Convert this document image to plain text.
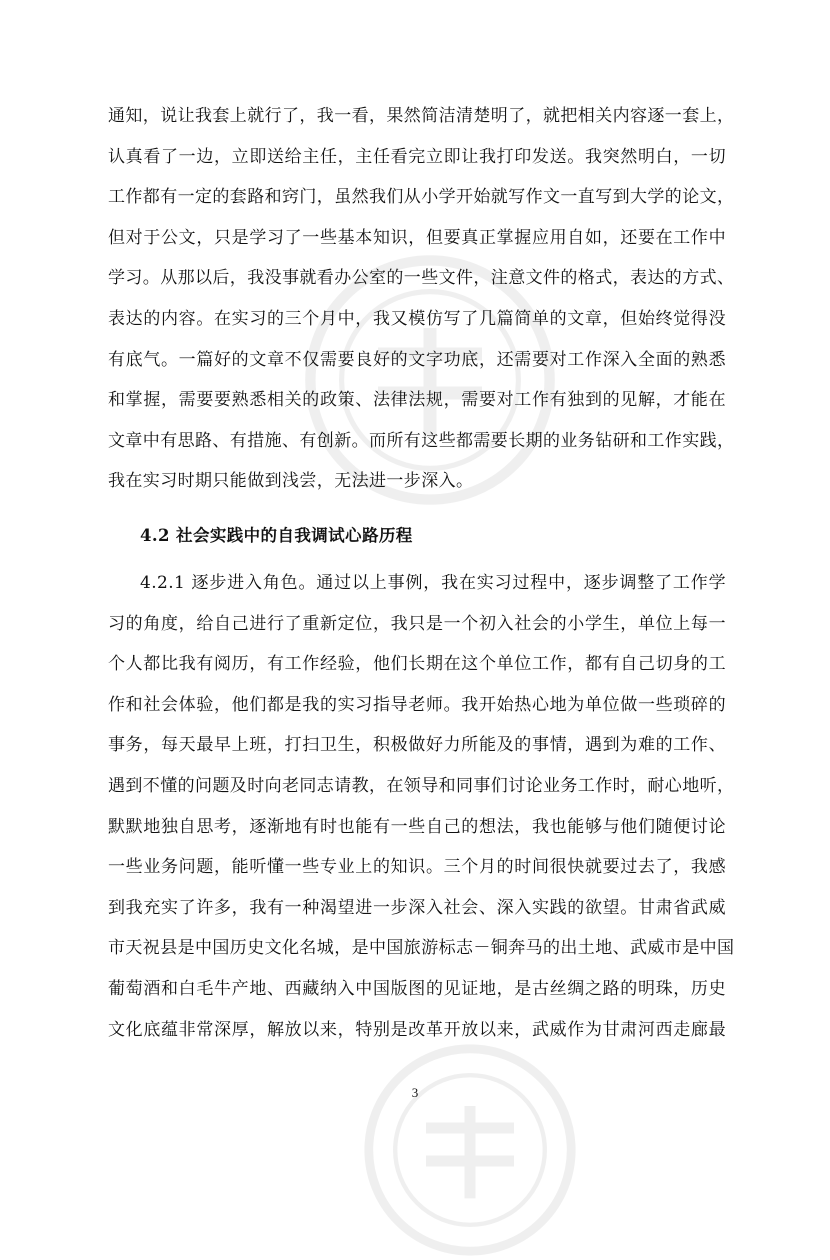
通知，说让我套上就行了，我一看，果然简洁清楚明了，就把相关内容逐一套上，
认真看了一边，立即送给主任，主任看完立即让我打印发送。我突然明白，一切
工作都有一定的套路和窍门，虽然我们从小学开始就写作文一直写到大学的论文，
但对于公文，只是学习了一些基本知识，但要真正掌握应用自如，还要在工作中
学习。从那以后，我没事就看办公室的一些文件，注意文件的格式，表达的方式、
表达的内容。在实习的三个月中，我又模仿写了几篇简单的文章，但始终觉得没
有底气。一篇好的文章不仅需要良好的文字功底，还需要对工作深入全面的熟悉
和掌握，需要要熟悉相关的政策、法律法规，需要对工作有独到的见解，才能在
文章中有思路、有措施、有创新。而所有这些都需要长期的业务钻研和工作实践，
我在实习时期只能做到浅尝，无法进一步深入。
4.2 社会实践中的自我调试心路历程
4.2.1 逐步进入角色。通过以上事例，我在实习过程中，逐步调整了工作学
习的角度，给自己进行了重新定位，我只是一个初入社会的小学生，单位上每一
个人都比我有阅历，有工作经验，他们长期在这个单位工作，都有自己切身的工
作和社会体验，他们都是我的实习指导老师。我开始热心地为单位做一些琐碎的
事务，每天最早上班，打扫卫生，积极做好力所能及的事情，遇到为难的工作、
遇到不懂的问题及时向老同志请教，在领导和同事们讨论业务工作时，耐心地听，
默默地独自思考，逐渐地有时也能有一些自己的想法，我也能够与他们随便讨论
一些业务问题，能听懂一些专业上的知识。三个月的时间很快就要过去了，我感
到我充实了许多，我有一种渴望进一步深入社会、深入实践的欲望。甘肃省武威
市天祝县是中国历史文化名城，是中国旅游标志－铜奔马的出土地、武威市是中国
葡萄酒和白毛牛产地、西藏纳入中国版图的见证地，是古丝绸之路的明珠，历史
文化底蕴非常深厚，解放以来，特别是改革开放以来，武威作为甘肃河西走廊最

3
